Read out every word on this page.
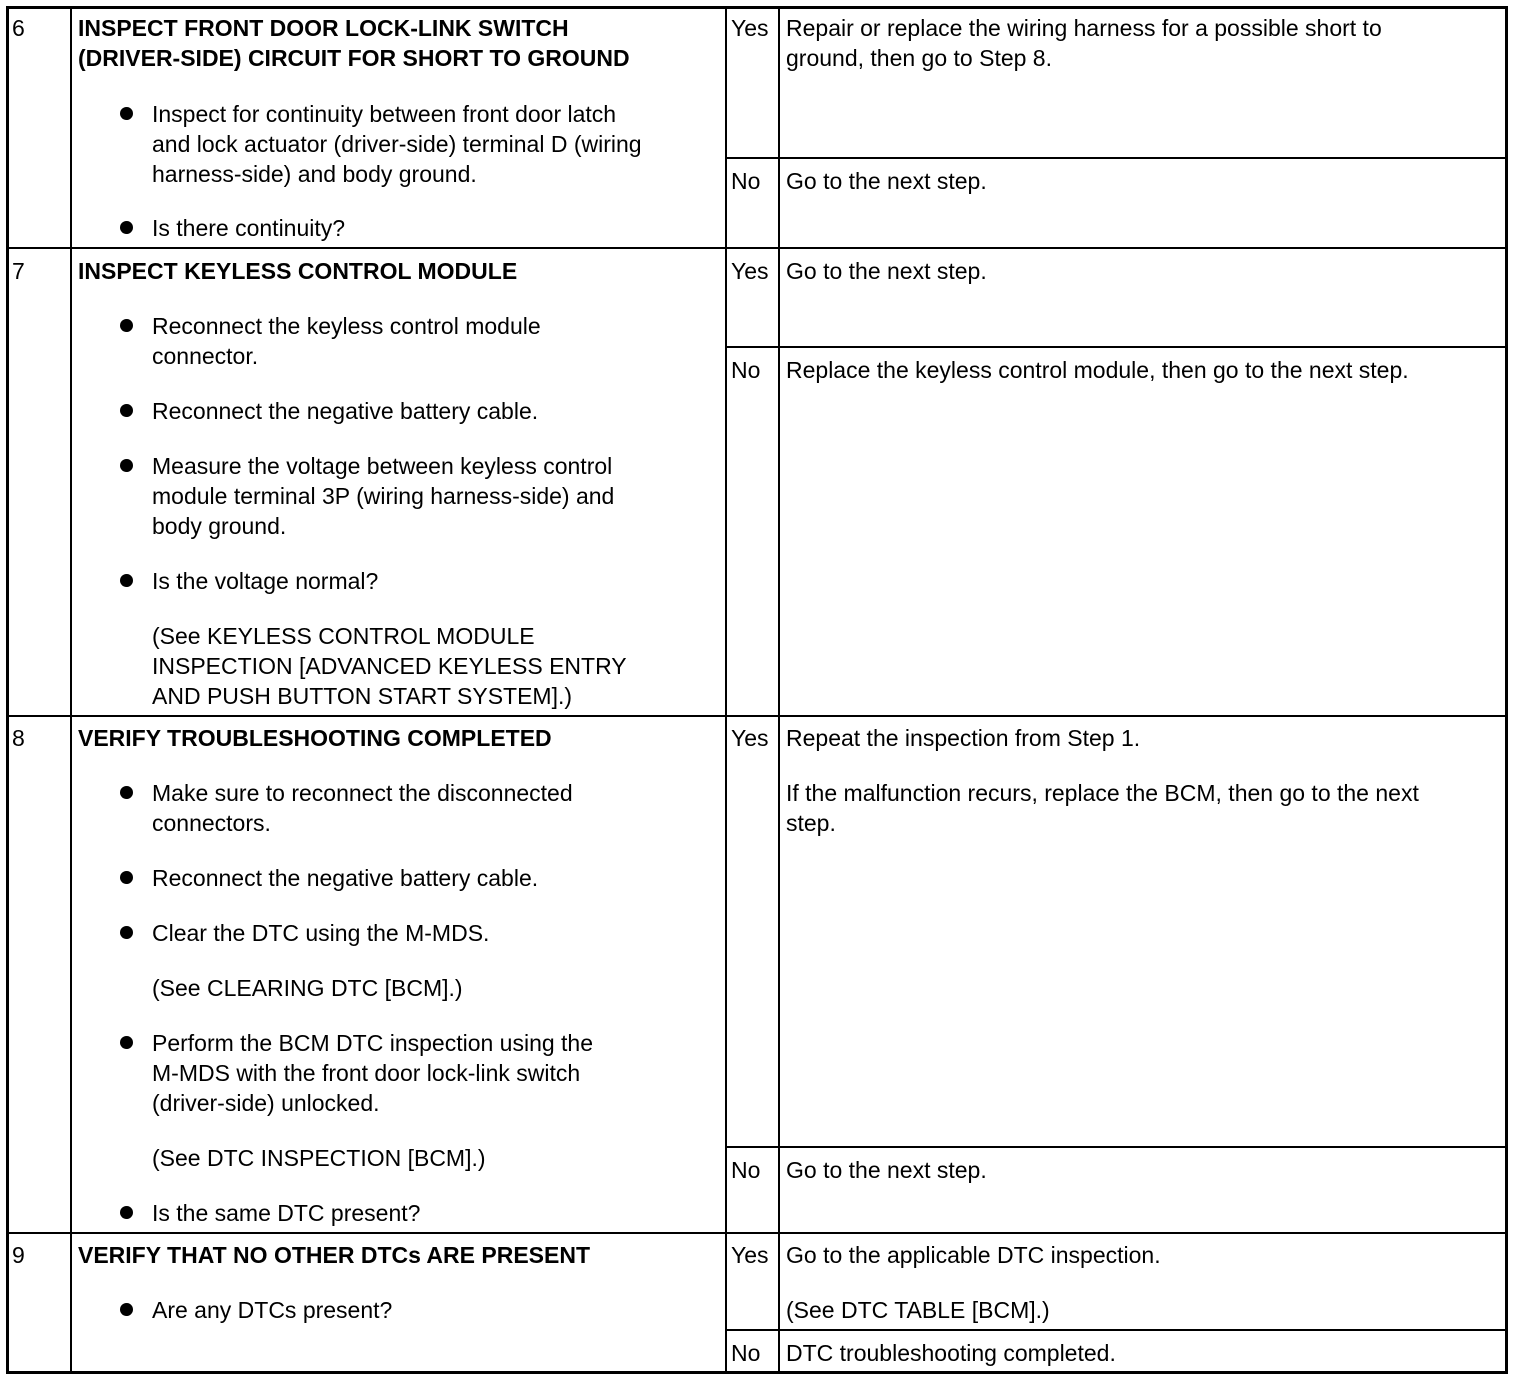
6 INSPECT FRONT DOOR LOCK-LINK SWITCH

(DRIVER-SIDE) CIRCUIT FOR SHORT TO GROUND

Inspect for continuity between front door latch

and lock actuator (driver-side) terminal D (wiring

harness-side) and body ground.

Is there continuity?

Yes Repair or replace the wiring harness for a possible short to

ground, then go to Step 8.

No Go to the next step.

7 INSPECT KEYLESS CONTROL MODULE

Reconnect the keyless control module

connector.

Reconnect the negative battery cable.

Measure the voltage between keyless control

module terminal 3P (wiring harness-side) and

body ground.

Is the voltage normal?

(See KEYLESS CONTROL MODULE

INSPECTION [ADVANCED KEYLESS ENTRY

AND PUSH BUTTON START SYSTEM].)

Yes Go to the next step.

No Replace the keyless control module, then go to the next step.

8 VERIFY TROUBLESHOOTING COMPLETED

Make sure to reconnect the disconnected

connectors.

Reconnect the negative battery cable.

Clear the DTC using the M-MDS.

(See CLEARING DTC [BCM].)

Perform the BCM DTC inspection using the

M-MDS with the front door lock-link switch

(driver-side) unlocked.

(See DTC INSPECTION [BCM].)

Is the same DTC present?

Yes Repeat the inspection from Step 1.

If the malfunction recurs, replace the BCM, then go to the next

step.

No Go to the next step.

9 VERIFY THAT NO OTHER DTCs ARE PRESENT

Are any DTCs present?

Yes Go to the applicable DTC inspection.

(See DTC TABLE [BCM].)

No DTC troubleshooting completed.
